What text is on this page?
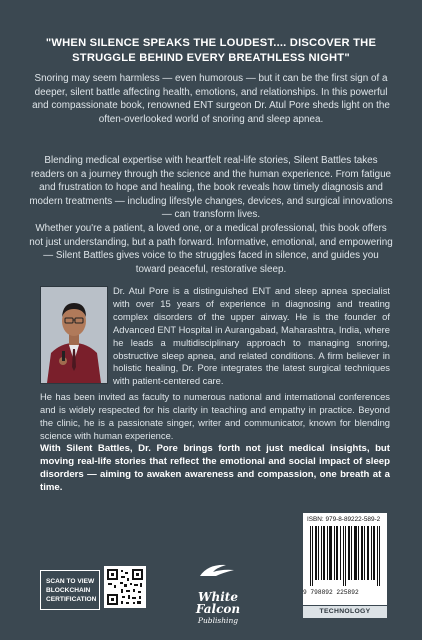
"WHEN SILENCE SPEAKS THE LOUDEST.... DISCOVER THE STRUGGLE BEHIND EVERY BREATHLESS NIGHT"

Snoring may seem harmless — even humorous — but it can be the first sign of a deeper, silent battle affecting health, emotions, and relationships. In this powerful and compassionate book, renowned ENT surgeon Dr. Atul Pore sheds light on the often-overlooked world of snoring and sleep apnea.

Blending medical expertise with heartfelt real-life stories, Silent Battles takes readers on a journey through the science and the human experience. From fatigue and frustration to hope and healing, the book reveals how timely diagnosis and modern treatments — including lifestyle changes, devices, and surgical innovations — can transform lives.

Whether you're a patient, a loved one, or a medical professional, this book offers not just understanding, but a path forward. Informative, emotional, and empowering — Silent Battles gives voice to the struggles faced in silence, and guides you toward peaceful, restorative sleep.

Dr. Atul Pore is a distinguished ENT and sleep apnea specialist with over 15 years of experience in diagnosing and treating complex disorders of the upper airway. He is the founder of Advanced ENT Hospital in Aurangabad, Maharashtra, India, where he leads a multidisciplinary approach to managing snoring, obstructive sleep apnea, and related conditions. A firm believer in holistic healing, Dr. Pore integrates the latest surgical techniques with patient-centered care.

He has been invited as faculty to numerous national and international conferences and is widely respected for his clarity in teaching and empathy in practice. Beyond the clinic, he is a passionate singer, writer and communicator, known for blending science with human experience.

With Silent Battles, Dr. Pore brings forth not just medical insights, but moving real-life stories that reflect the emotional and social impact of sleep disorders — aiming to awaken awareness and compassion, one breath at a time.

SCAN TO VIEW BLOCKCHAIN CERTIFICATION	White Falcon
Publishing
ISBN: 979-8-89222-589-2
9 798892 225892
TECHNOLOGY
